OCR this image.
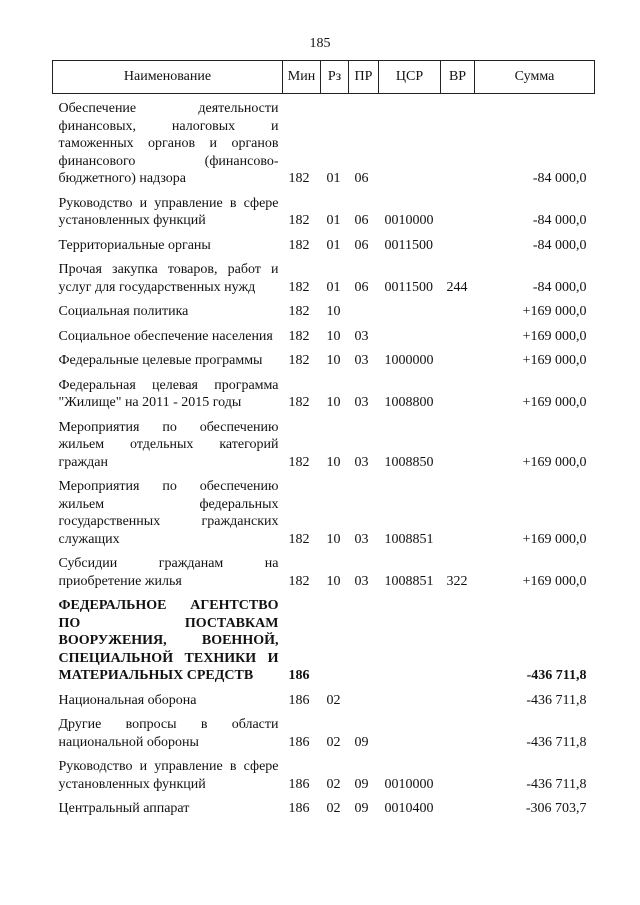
185
Наименование	Мин	Рз	ПР	ЦСР	ВР	Сумма
Обеспечение деятельности финансовых, налоговых и таможенных органов и органов финансового (финансово-бюджетного) надзора	182	01	06			-84 000,0
Руководство и управление в сфере установленных функций	182	01	06	0010000		-84 000,0
Территориальные органы	182	01	06	0011500		-84 000,0
Прочая закупка товаров, работ и услуг для государственных нужд	182	01	06	0011500	244	-84 000,0
Социальная политика	182	10				+169 000,0
Социальное обеспечение населения	182	10	03			+169 000,0
Федеральные целевые программы	182	10	03	1000000		+169 000,0
Федеральная целевая программа "Жилище" на 2011 - 2015 годы	182	10	03	1008800		+169 000,0
Мероприятия по обеспечению жильем отдельных категорий граждан	182	10	03	1008850		+169 000,0
Мероприятия по обеспечению жильем федеральных государственных гражданских служащих	182	10	03	1008851		+169 000,0
Субсидии гражданам на приобретение жилья	182	10	03	1008851	322	+169 000,0
ФЕДЕРАЛЬНОЕ АГЕНТСТВО ПО ПОСТАВКАМ ВООРУЖЕНИЯ, ВОЕННОЙ, СПЕЦИАЛЬНОЙ ТЕХНИКИ И МАТЕРИАЛЬНЫХ СРЕДСТВ	186					-436 711,8
Национальная оборона	186	02				-436 711,8
Другие вопросы в области национальной обороны	186	02	09			-436 711,8
Руководство и управление в сфере установленных функций	186	02	09	0010000		-436 711,8
Центральный аппарат	186	02	09	0010400		-306 703,7
